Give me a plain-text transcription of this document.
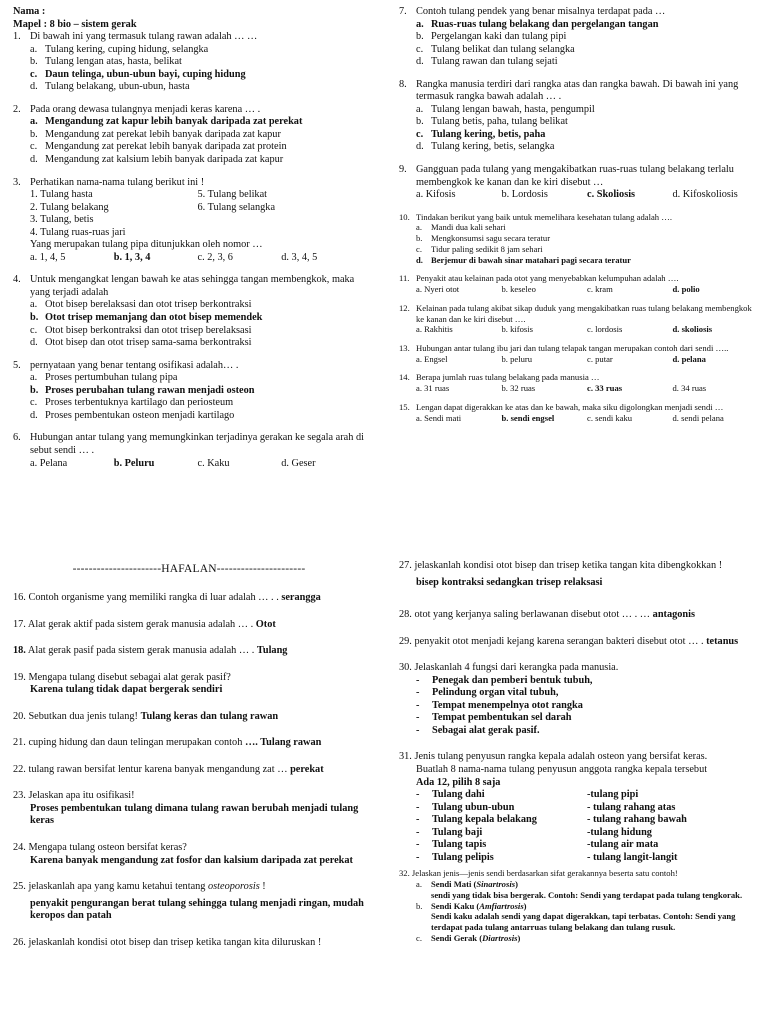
Nama :
Mapel : 8 bio – sistem gerak
1. Di bawah ini yang termasuk tulang rawan adalah … …
a. Tulang kering, cuping hidung, selangka
b. Tulang lengan atas, hasta, belikat
c. Daun telinga, ubun-ubun bayi, cuping hidung
d. Tulang belakang, ubun-ubun, hasta
2. Pada orang dewasa tulangnya menjadi keras karena … .
a. Mengandung zat kapur lebih banyak daripada zat perekat
b. Mengandung zat perekat lebih banyak daripada zat kapur
c. Mengandung zat perekat lebih banyak daripada zat protein
d. Mengandung zat kalsium lebih banyak daripada zat kapur
3. Perhatikan nama-nama tulang berikut ini !
1. Tulang hasta	5. Tulang belikat
2. Tulang belakang	6. Tulang selangka
3. Tulang, betis
4. Tulang ruas-ruas jari
Yang merupakan tulang pipa ditunjukkan oleh nomor …
a. 1, 4, 5	b. 1, 3, 4	c. 2, 3, 6	d. 3, 4, 5
4. Untuk mengangkat lengan bawah ke atas sehingga tangan membengkok, maka yang terjadi adalah
a. Otot bisep berelaksasi dan otot trisep berkontraksi
b. Otot trisep memanjang dan otot bisep memendek
c. Otot bisep berkontraksi dan otot trisep berelaksasi
d. Otot bisep dan otot trisep sama-sama berkontraksi
5. pernyataan yang benar tentang osifikasi adalah… .
a. Proses pertumbuhan tulang pipa
b. Proses perubahan tulang rawan menjadi osteon
c. Proses terbentuknya kartilago dan periosteum
d. Proses pembentukan osteon menjadi kartilago
6. Hubungan antar tulang yang memungkinkan terjadinya gerakan ke segala arah di sebut sendi … .
a. Pelana	b. Peluru	c. Kaku	d. Geser
7. Contoh tulang pendek yang benar misalnya terdapat pada …
a. Ruas-ruas tulang belakang dan pergelangan tangan
b. Pergelangan kaki dan tulang pipi
c. Tulang belikat dan tulang selangka
d. Tulang rawan dan tulang sejati
8. Rangka manusia terdiri dari rangka atas dan rangka bawah. Di bawah ini yang termasuk rangka bawah adalah … .
a. Tulang lengan bawah, hasta, pengumpil
b. Tulang betis, paha, tulang belikat
c. Tulang kering, betis, paha
d. Tulang kering, betis, selangka
9. Gangguan pada tulang yang mengakibatkan ruas-ruas tulang belakang terlalu membengkok ke kanan dan ke kiri disebut …
a. Kifosis	b. Lordosis	c. Skoliosis	d. Kifoskoliosis
10. Tindakan berikut yang baik untuk memelihara kesehatan tulang adalah ….
a.	Mandi dua kali sehari
b. Mengkonsumsi sagu secara teratur
c.	Tidur paling sedikit 8 jam sehari
d. Berjemur di bawah sinar matahari pagi secara teratur
11. Penyakit atau kelainan pada otot yang menyebabkan kelumpuhan adalah ….
a. Nyeri otot	b. keseleo	c. kram	d. polio
12. Kelainan pada tulang akibat sikap duduk yang mengakibatkan ruas tulang belakang membengkok ke kanan dan ke kiri disebut ….
a. Rakhitis	b. kifosis	c. lordosis	d. skoliosis
13. Hubungan antar tulang ibu jari dan tulang telapak tangan merupakan contoh dari sendi …..
a. Engsel	b. peluru	c. putar	d. pelana
14. Berapa jumlah ruas tulang belakang pada manusia …
a. 31 ruas	b. 32 ruas	c. 33 ruas	d. 34 ruas
15. Lengan dapat digerakkan ke atas dan ke bawah, maka siku digolongkan menjadi sendi …
a. Sendi mati	b. sendi engsel	c. sendi kaku	d. sendi pelana
----------------------HAFALAN----------------------
16. Contoh organisme yang memiliki rangka di luar adalah … . . serangga
17. Alat gerak aktif pada sistem gerak manusia adalah … . Otot
18. Alat gerak pasif pada sistem gerak manusia adalah … . Tulang
19. Mengapa tulang disebut sebagai alat gerak pasif?
Karena tulang tidak dapat bergerak sendiri
20. Sebutkan dua jenis tulang! Tulang keras dan tulang rawan
21. cuping hidung dan daun telingan merupakan contoh …. Tulang rawan
22. tulang rawan bersifat lentur karena banyak mengandung zat … perekat
23. Jelaskan apa itu osifikasi!
Proses pembentukan tulang dimana tulang rawan berubah menjadi tulang keras
24. Mengapa tulang osteon bersifat keras?
Karena banyak mengandung zat fosfor dan kalsium daripada zat perekat
25. jelaskanlah apa yang kamu ketahui tentang osteoporosis !
penyakit pengurangan berat tulang sehingga tulang menjadi ringan, mudah keropos dan patah
26. jelaskanlah kondisi otot bisep dan trisep ketika tangan kita diluruskan !
27. jelaskanlah kondisi otot bisep dan trisep ketika tangan kita dibengkokkan !
bisep kontraksi sedangkan trisep relaksasi
28. otot yang kerjanya saling berlawanan disebut otot … . … antagonis
29. penyakit otot menjadi kejang karena serangan bakteri disebut otot … . tetanus
30. Jelaskanlah 4 fungsi dari kerangka pada manusia.
-	Penegak dan pemberi bentuk tubuh,
-	Pelindung organ vital tubuh,
-	Tempat menempelnya otot rangka
-	Tempat pembentukan sel darah
-	Sebagai alat gerak pasif.
31. Jenis tulang penyusun rangka kepala adalah osteon yang bersifat keras.
Buatlah 8 nama-nama tulang penyusun anggota rangka kepala tersebut
Ada 12, pilih 8 saja
-	Tulang dahi	-tulang pipi
-	Tulang ubun-ubun	- tulang rahang atas
-	Tulang kepala belakang	- tulang rahang bawah
-	Tulang baji	-tulang hidung
-	Tulang tapis	-tulang air mata
-	Tulang pelipis	- tulang langit-langit
32. Jelaskan jenis—jenis sendi berdasarkan sifat gerakannya beserta satu contoh!
a.	Sendi Mati (Sinartrosis)
sendi yang tidak bisa bergerak. Contoh: Sendi yang terdapat pada tulang tengkorak.
b. Sendi Kaku (Amfiartrosis)
Sendi kaku adalah sendi yang dapat digerakkan, tapi terbatas. Contoh: Sendi yang terdapat pada tulang antarruas tulang belakang dan tulang rusuk.
c.	Sendi Gerak (Diartrosis)
